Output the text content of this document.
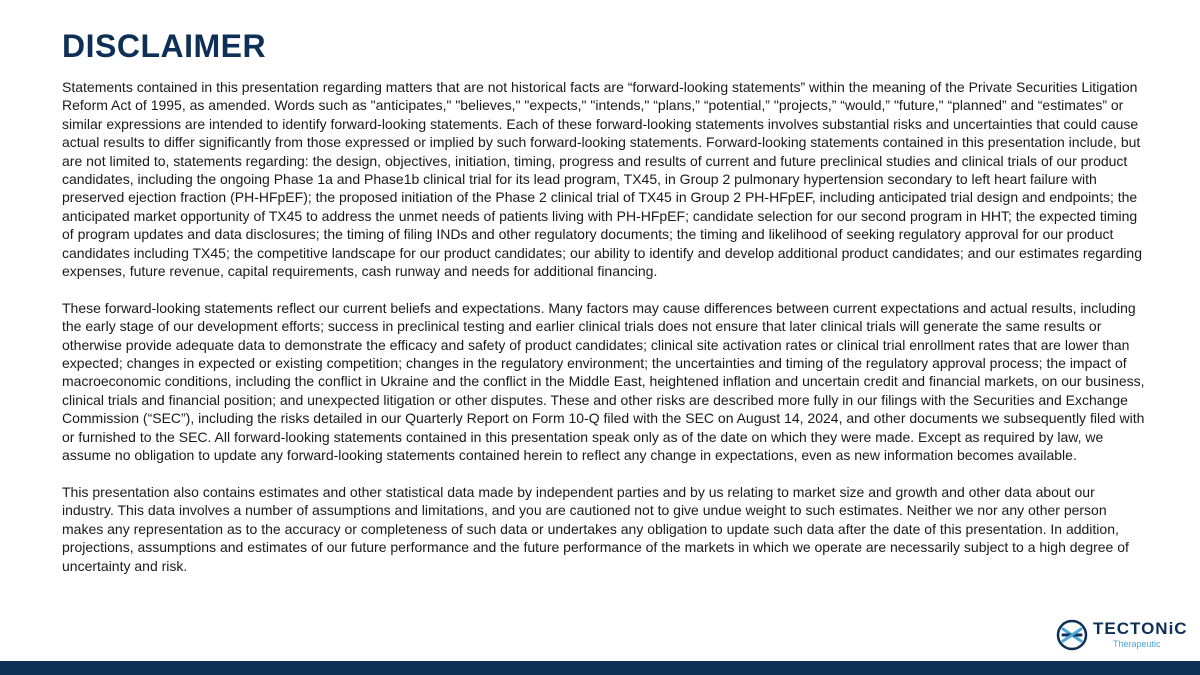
DISCLAIMER

Statements contained in this presentation regarding matters that are not historical facts are “forward-looking statements” within the meaning of the Private Securities Litigation Reform Act of 1995, as amended. Words such as "anticipates," "believes," "expects," "intends," “plans,” “potential,” "projects,” “would,” "future," “planned” and “estimates” or similar expressions are intended to identify forward-looking statements. Each of these forward-looking statements involves substantial risks and uncertainties that could cause actual results to differ significantly from those expressed or implied by such forward-looking statements. Forward-looking statements contained in this presentation include, but are not limited to, statements regarding: the design, objectives, initiation, timing, progress and results of current and future preclinical studies and clinical trials of our product candidates, including the ongoing Phase 1a and Phase1b clinical trial for its lead program, TX45, in Group 2 pulmonary hypertension secondary to left heart failure with preserved ejection fraction (PH-HFpEF); the proposed initiation of the Phase 2 clinical trial of TX45 in Group 2 PH-HFpEF, including anticipated trial design and endpoints; the anticipated market opportunity of TX45 to address the unmet needs of patients living with PH-HFpEF; candidate selection for our second program in HHT; the expected timing of program updates and data disclosures; the timing of filing INDs and other regulatory documents; the timing and likelihood of seeking regulatory approval for our product candidates including TX45; the competitive landscape for our product candidates; our ability to identify and develop additional product candidates; and our estimates regarding expenses, future revenue, capital requirements, cash runway and needs for additional financing.

These forward-looking statements reflect our current beliefs and expectations. Many factors may cause differences between current expectations and actual results, including the early stage of our development efforts; success in preclinical testing and earlier clinical trials does not ensure that later clinical trials will generate the same results or otherwise provide adequate data to demonstrate the efficacy and safety of product candidates; clinical site activation rates or clinical trial enrollment rates that are lower than expected; changes in expected or existing competition; changes in the regulatory environment; the uncertainties and timing of the regulatory approval process; the impact of macroeconomic conditions, including the conflict in Ukraine and the conflict in the Middle East, heightened inflation and uncertain credit and financial markets, on our business, clinical trials and financial position; and unexpected litigation or other disputes. These and other risks are described more fully in our filings with the Securities and Exchange Commission (“SEC”), including the risks detailed in our Quarterly Report on Form 10-Q filed with the SEC on August 14, 2024, and other documents we subsequently filed with or furnished to the SEC. All forward-looking statements contained in this presentation speak only as of the date on which they were made. Except as required by law, we assume no obligation to update any forward-looking statements contained herein to reflect any change in expectations, even as new information becomes available.

This presentation also contains estimates and other statistical data made by independent parties and by us relating to market size and growth and other data about our industry. This data involves a number of assumptions and limitations, and you are cautioned not to give undue weight to such estimates. Neither we nor any other person makes any representation as to the accuracy or completeness of such data or undertakes any obligation to update such data after the date of this presentation. In addition, projections, assumptions and estimates of our future performance and the future performance of the markets in which we operate are necessarily subject to a high degree of uncertainty and risk.

TECTONiC
Therapeutic
